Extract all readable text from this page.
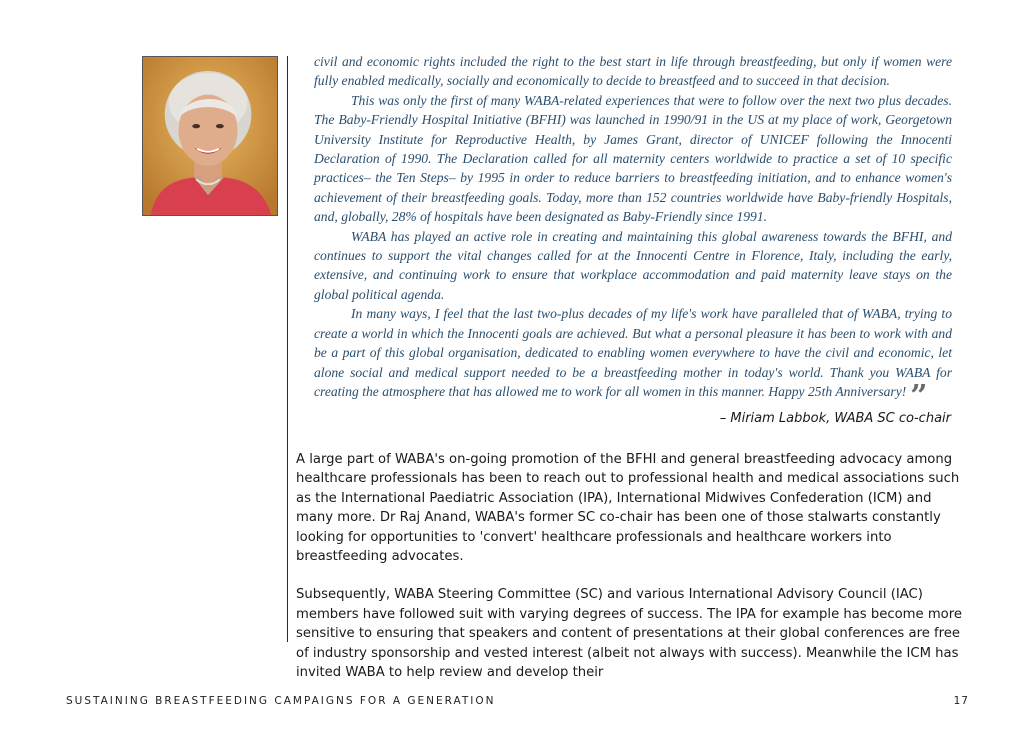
civil and economic rights included the right to the best start in life through breastfeeding, but only if women were fully enabled medically, socially and economically to decide to breastfeed and to succeed in that decision.

This was only the first of many WABA-related experiences that were to follow over the next two plus decades. The Baby-Friendly Hospital Initiative (BFHI) was launched in 1990/91 in the US at my place of work, Georgetown University Institute for Reproductive Health, by James Grant, director of UNICEF following the Innocenti Declaration of 1990. The Declaration called for all maternity centers worldwide to practice a set of 10 specific practices– the Ten Steps– by 1995 in order to reduce barriers to breastfeeding initiation, and to enhance women's achievement of their breastfeeding goals. Today, more than 152 countries worldwide have Baby-friendly Hospitals, and, globally, 28% of hospitals have been designated as Baby-Friendly since 1991.

WABA has played an active role in creating and maintaining this global awareness towards the BFHI, and continues to support the vital changes called for at the Innocenti Centre in Florence, Italy, including the early, extensive, and continuing work to ensure that workplace accommodation and paid maternity leave stays on the global political agenda.

In many ways, I feel that the last two-plus decades of my life's work have paralleled that of WABA, trying to create a world in which the Innocenti goals are achieved. But what a personal pleasure it has been to work with and be a part of this global organisation, dedicated to enabling women everywhere to have the civil and economic, let alone social and medical support needed to be a breastfeeding mother in today's world. Thank you WABA for creating the atmosphere that has allowed me to work for all women in this manner. Happy 25th Anniversary! ”

– Miriam Labbok, WABA SC co-chair

A large part of WABA's on-going promotion of the BFHI and general breastfeeding advocacy among healthcare professionals has been to reach out to professional health and medical associations such as the International Paediatric Association (IPA), International Midwives Confederation (ICM) and many more. Dr Raj Anand, WABA's former SC co-chair has been one of those stalwarts constantly looking for opportunities to 'convert' healthcare professionals and healthcare workers into breastfeeding advocates.

Subsequently, WABA Steering Committee (SC) and various International Advisory Council (IAC) members have followed suit with varying degrees of success. The IPA for example has become more sensitive to ensuring that speakers and content of presentations at their global conferences are free of industry sponsorship and vested interest (albeit not always with success). Meanwhile the ICM has invited WABA to help review and develop their

SUSTAINING BREASTFEEDING CAMPAIGNS FOR A GENERATION	17
